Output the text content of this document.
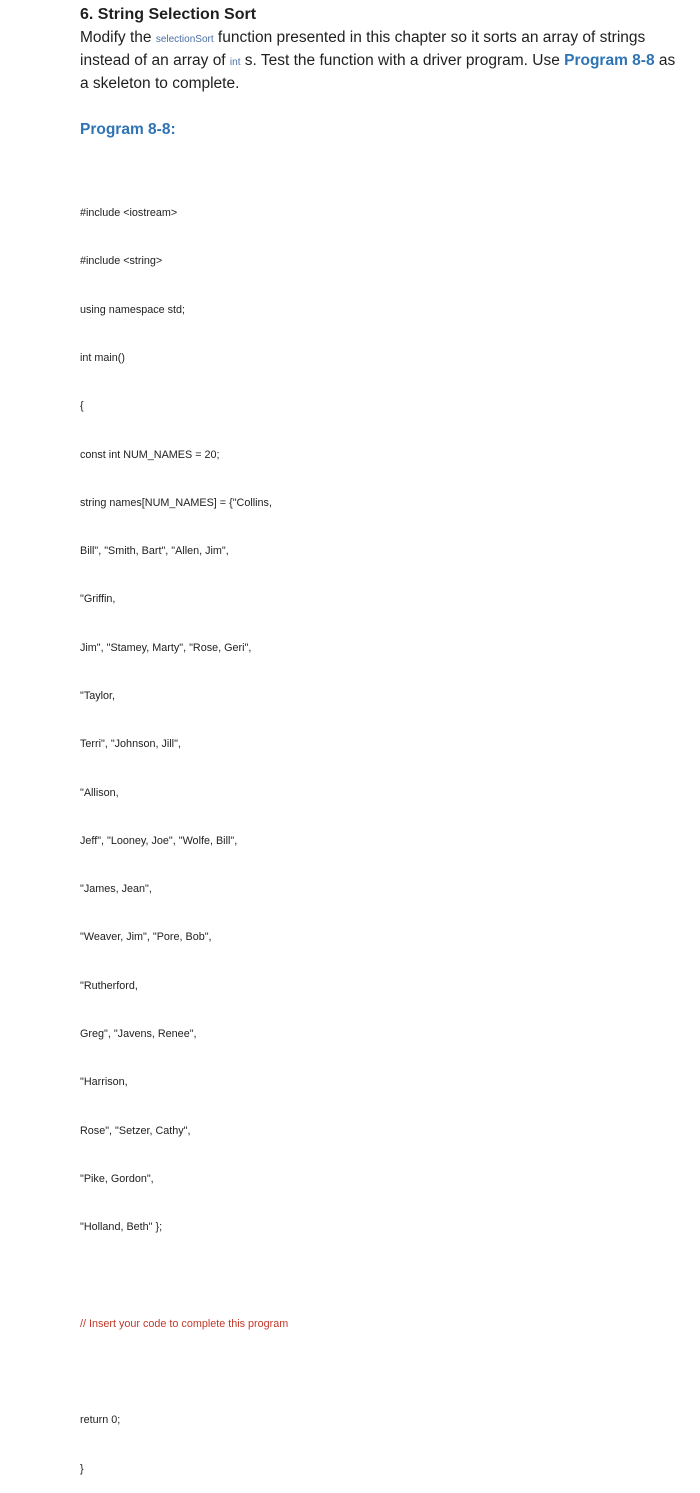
6. String Selection Sort
Modify the selectionSort function presented in this chapter so it sorts an array of strings instead of an array of int s. Test the function with a driver program. Use Program 8-8 as a skeleton to complete.
Program 8-8:

#include <iostream>

#include <string>

using namespace std;

int main()

{

const int NUM_NAMES = 20;

string names[NUM_NAMES] = {"Collins,

Bill", "Smith, Bart", "Allen, Jim",

"Griffin,

Jim", "Stamey, Marty", "Rose, Geri",

"Taylor,

Terri", "Johnson, Jill",

"Allison,

Jeff", "Looney, Joe", "Wolfe, Bill",

"James, Jean",

"Weaver, Jim", "Pore, Bob",

"Rutherford,

Greg", "Javens, Renee",

"Harrison,

Rose", "Setzer, Cathy",

"Pike, Gordon",

"Holland, Beth" };

// Insert your code to complete this program

return 0;

}
